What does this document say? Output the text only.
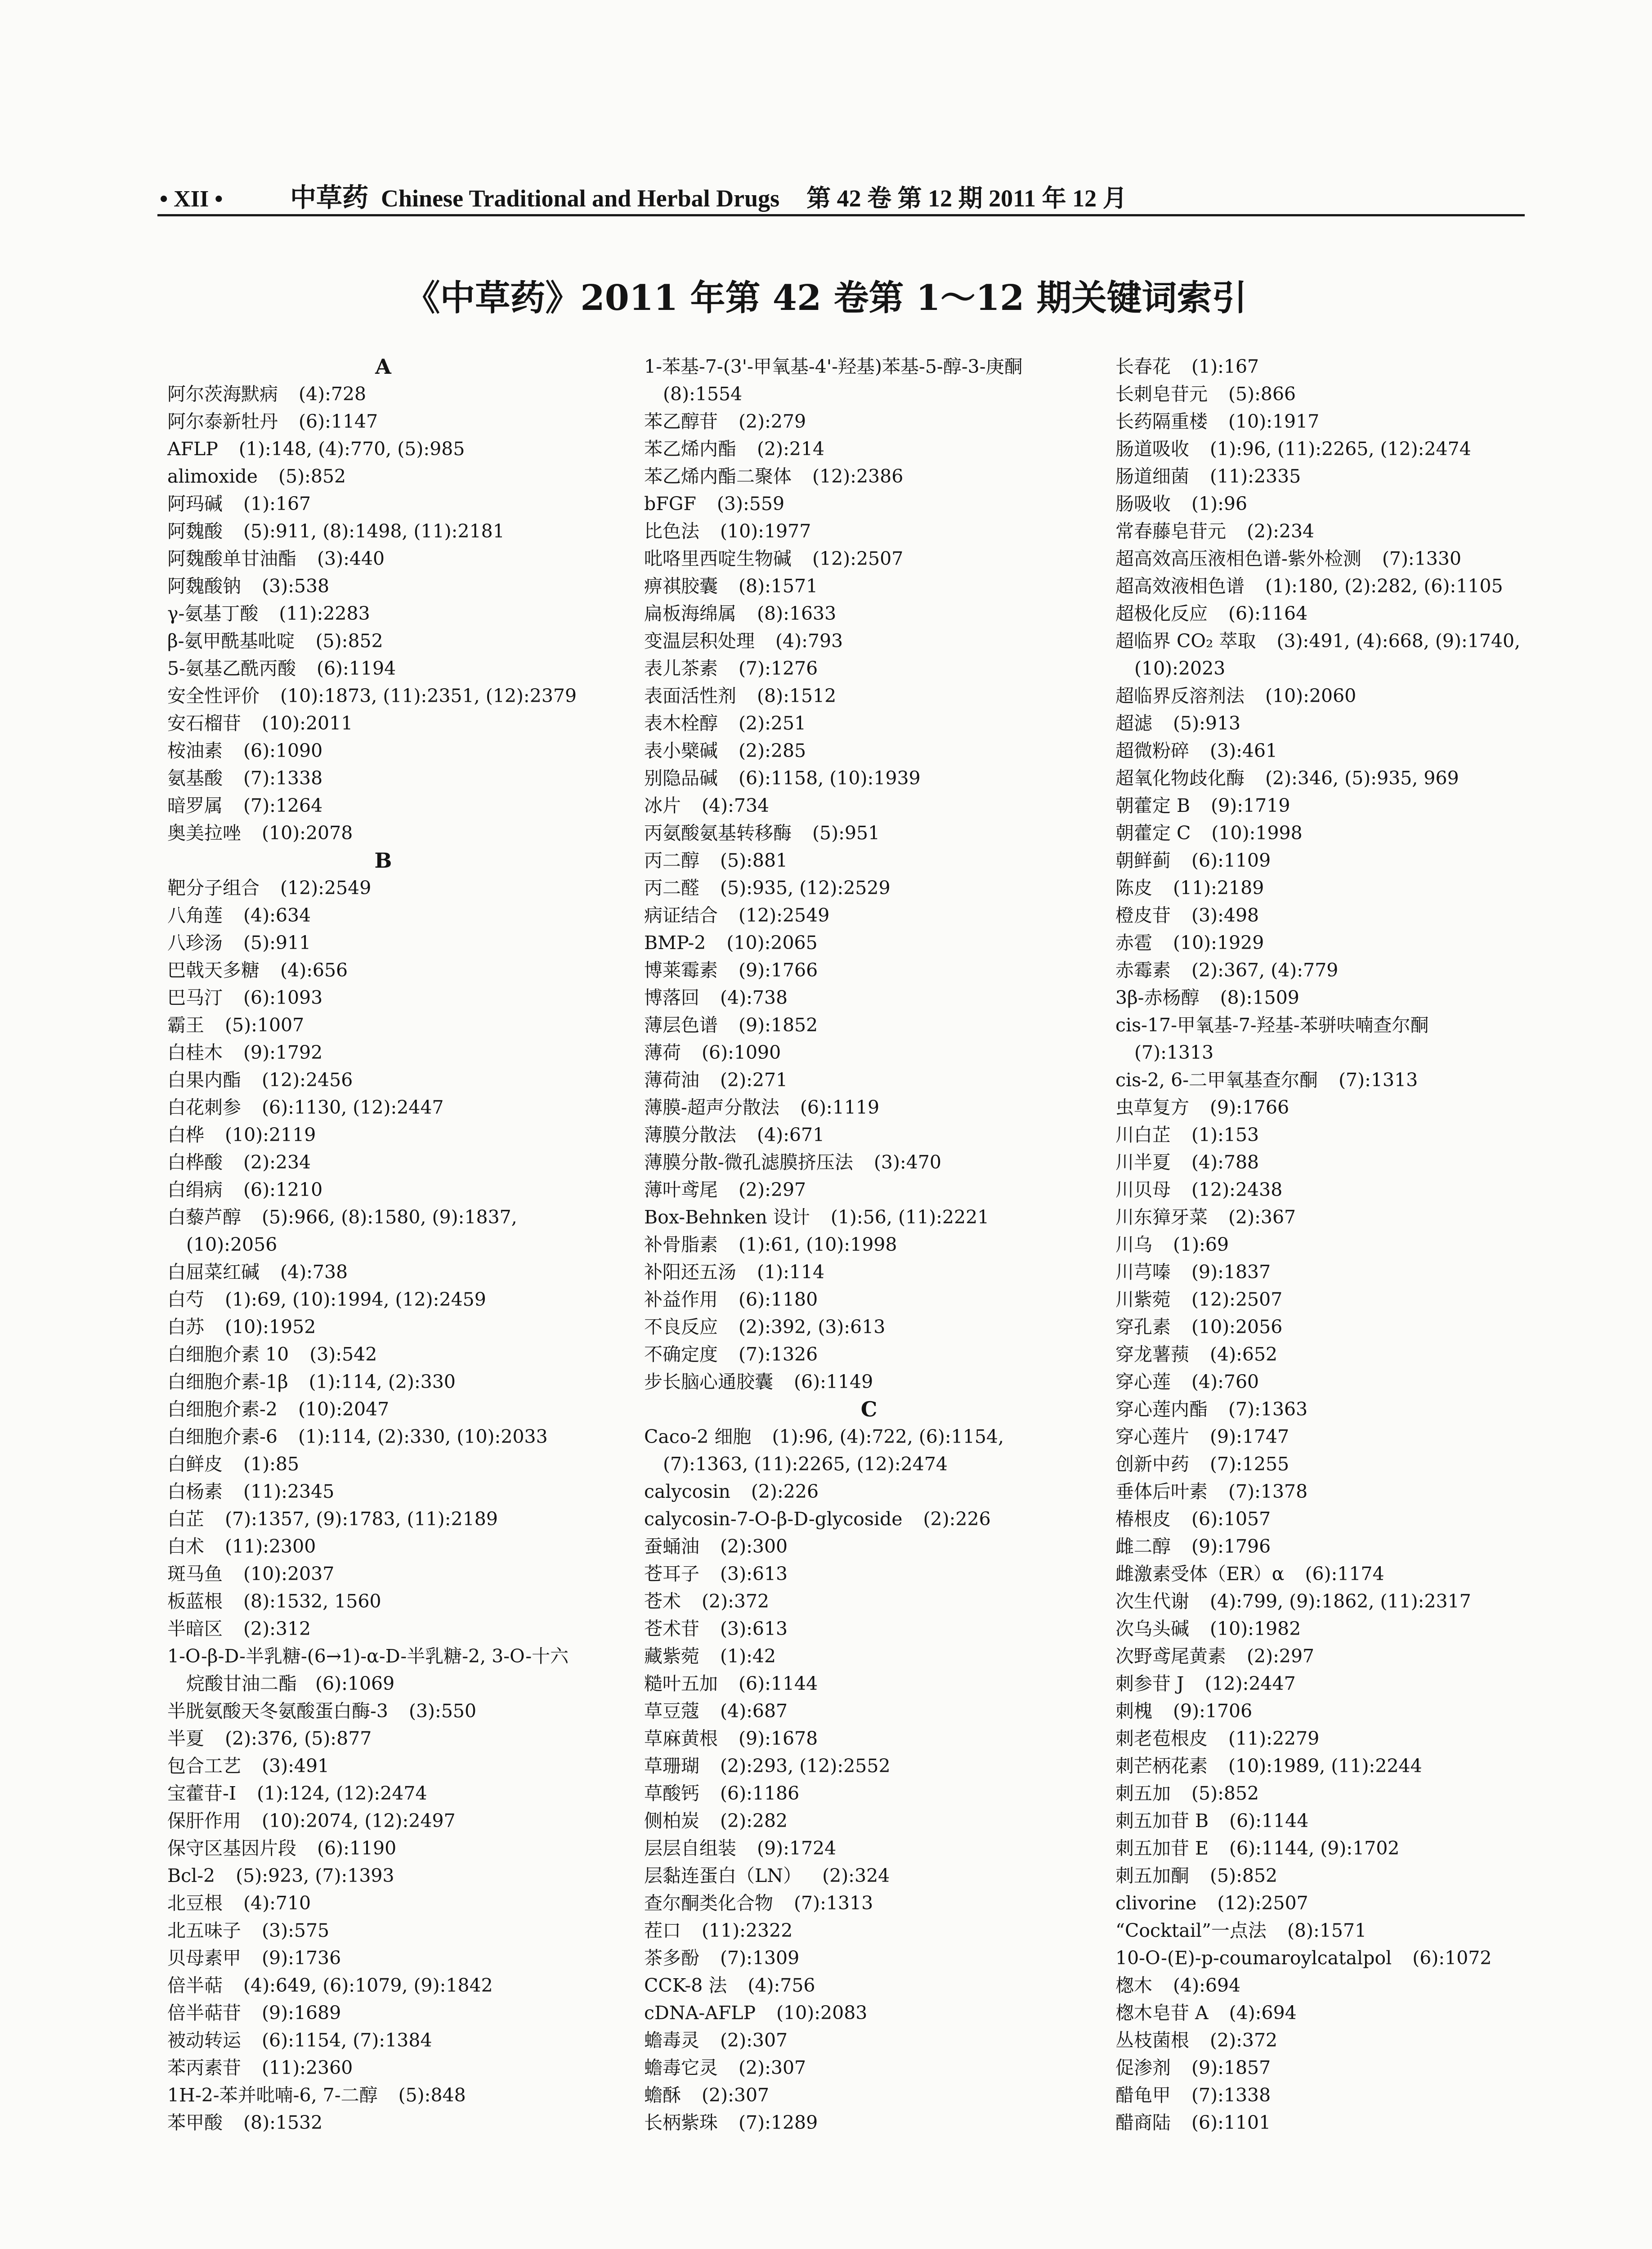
• XII •	中草药 Chinese Traditional and Herbal Drugs 第 42 卷 第 12 期 2011 年 12 月
《中草药》2011 年第 42 卷第 1～12 期关键词索引
A
阿尔茨海默病 (4):728
阿尔泰新牡丹 (6):1147
AFLP (1):148, (4):770, (5):985
alimoxide (5):852
阿玛碱 (1):167
阿魏酸 (5):911, (8):1498, (11):2181
阿魏酸单甘油酯 (3):440
阿魏酸钠 (3):538
γ-氨基丁酸 (11):2283
β-氨甲酰基吡啶 (5):852
5-氨基乙酰丙酸 (6):1194
安全性评价 (10):1873, (11):2351, (12):2379
安石榴苷 (10):2011
桉油素 (6):1090
氨基酸 (7):1338
暗罗属 (7):1264
奥美拉唑 (10):2078
B
靶分子组合 (12):2549
八角莲 (4):634
八珍汤 (5):911
巴戟天多糖 (4):656
巴马汀 (6):1093
霸王 (5):1007
白桂木 (9):1792
白果内酯 (12):2456
白花刺参 (6):1130, (12):2447
白桦 (10):2119
白桦酸 (2):234
白绢病 (6):1210
白藜芦醇 (5):966, (8):1580, (9):1837,
(10):2056
白屈菜红碱 (4):738
白芍 (1):69, (10):1994, (12):2459
白苏 (10):1952
白细胞介素 10 (3):542
白细胞介素-1β (1):114, (2):330
白细胞介素-2 (10):2047
白细胞介素-6 (1):114, (2):330, (10):2033
白鲜皮 (1):85
白杨素 (11):2345
白芷 (7):1357, (9):1783, (11):2189
白术 (11):2300
斑马鱼 (10):2037
板蓝根 (8):1532, 1560
半暗区 (2):312
1-O-β-D-半乳糖-(6→1)-α-D-半乳糖-2, 3-O-十六
烷酸甘油二酯　(6):1069
半胱氨酸天冬氨酸蛋白酶-3 (3):550
半夏 (2):376, (5):877
包合工艺 (3):491
宝藿苷-I (1):124, (12):2474
保肝作用 (10):2074, (12):2497
保守区基因片段 (6):1190
Bcl-2 (5):923, (7):1393
北豆根 (4):710
北五味子 (3):575
贝母素甲 (9):1736
倍半萜 (4):649, (6):1079, (9):1842
倍半萜苷 (9):1689
被动转运 (6):1154, (7):1384
苯丙素苷 (11):2360
1H-2-苯并吡喃-6, 7-二醇 (5):848
苯甲酸 (8):1532
1-苯基-7-(3'-甲氧基-4'-羟基)苯基-5-醇-3-庚酮
(8):1554
苯乙醇苷 (2):279
苯乙烯内酯 (2):214
苯乙烯内酯二聚体 (12):2386
bFGF (3):559
比色法 (10):1977
吡咯里西啶生物碱 (12):2507
痹祺胶囊 (8):1571
扁板海绵属 (8):1633
变温层积处理 (4):793
表儿茶素 (7):1276
表面活性剂 (8):1512
表木栓醇 (2):251
表小檗碱 (2):285
别隐品碱 (6):1158, (10):1939
冰片 (4):734
丙氨酸氨基转移酶 (5):951
丙二醇 (5):881
丙二醛 (5):935, (12):2529
病证结合 (12):2549
BMP-2 (10):2065
博莱霉素 (9):1766
博落回 (4):738
薄层色谱 (9):1852
薄荷 (6):1090
薄荷油 (2):271
薄膜-超声分散法 (6):1119
薄膜分散法 (4):671
薄膜分散-微孔滤膜挤压法 (3):470
薄叶鸢尾 (2):297
Box-Behnken 设计 (1):56, (11):2221
补骨脂素 (1):61, (10):1998
补阳还五汤 (1):114
补益作用 (6):1180
不良反应 (2):392, (3):613
不确定度 (7):1326
步长脑心通胶囊 (6):1149
C
Caco-2 细胞 (1):96, (4):722, (6):1154,
(7):1363, (11):2265, (12):2474
calycosin (2):226
calycosin-7-O-β-D-glycoside (2):226
蚕蛹油 (2):300
苍耳子 (3):613
苍术 (2):372
苍术苷 (3):613
藏紫菀 (1):42
糙叶五加 (6):1144
草豆蔻 (4):687
草麻黄根 (9):1678
草珊瑚 (2):293, (12):2552
草酸钙 (6):1186
侧柏炭 (2):282
层层自组装 (9):1724
层黏连蛋白（LN） (2):324
查尔酮类化合物 (7):1313
茬口 (11):2322
茶多酚 (7):1309
CCK-8 法 (4):756
cDNA-AFLP (10):2083
蟾毒灵 (2):307
蟾毒它灵 (2):307
蟾酥 (2):307
长柄紫珠 (7):1289
长春花 (1):167
长刺皂苷元 (5):866
长药隔重楼 (10):1917
肠道吸收 (1):96, (11):2265, (12):2474
肠道细菌 (11):2335
肠吸收 (1):96
常春藤皂苷元 (2):234
超高效高压液相色谱-紫外检测 (7):1330
超高效液相色谱 (1):180, (2):282, (6):1105
超极化反应 (6):1164
超临界 CO₂ 萃取 (3):491, (4):668, (9):1740,
(10):2023
超临界反溶剂法 (10):2060
超滤 (5):913
超微粉碎 (3):461
超氧化物歧化酶 (2):346, (5):935, 969
朝藿定 B (9):1719
朝藿定 C (10):1998
朝鲜蓟 (6):1109
陈皮 (11):2189
橙皮苷 (3):498
赤雹 (10):1929
赤霉素 (2):367, (4):779
3β-赤杨醇 (8):1509
cis-17-甲氧基-7-羟基-苯骈呋喃查尔酮
(7):1313
cis-2, 6-二甲氧基查尔酮 (7):1313
虫草复方 (9):1766
川白芷 (1):153
川半夏 (4):788
川贝母 (12):2438
川东獐牙菜 (2):367
川乌 (1):69
川芎嗪 (9):1837
川紫菀 (12):2507
穿孔素 (10):2056
穿龙薯蓣 (4):652
穿心莲 (4):760
穿心莲内酯 (7):1363
穿心莲片 (9):1747
创新中药 (7):1255
垂体后叶素 (7):1378
椿根皮 (6):1057
雌二醇 (9):1796
雌激素受体（ER）α (6):1174
次生代谢 (4):799, (9):1862, (11):2317
次乌头碱 (10):1982
次野鸢尾黄素 (2):297
刺参苷 J (12):2447
刺槐 (9):1706
刺老苞根皮 (11):2279
刺芒柄花素 (10):1989, (11):2244
刺五加 (5):852
刺五加苷 B (6):1144
刺五加苷 E (6):1144, (9):1702
刺五加酮 (5):852
clivorine (12):2507
“Cocktail”一点法 (8):1571
10-O-(E)-p-coumaroylcatalpol (6):1072
楤木 (4):694
楤木皂苷 A (4):694
丛枝菌根 (2):372
促渗剂 (9):1857
醋龟甲 (7):1338
醋商陆 (6):1101
